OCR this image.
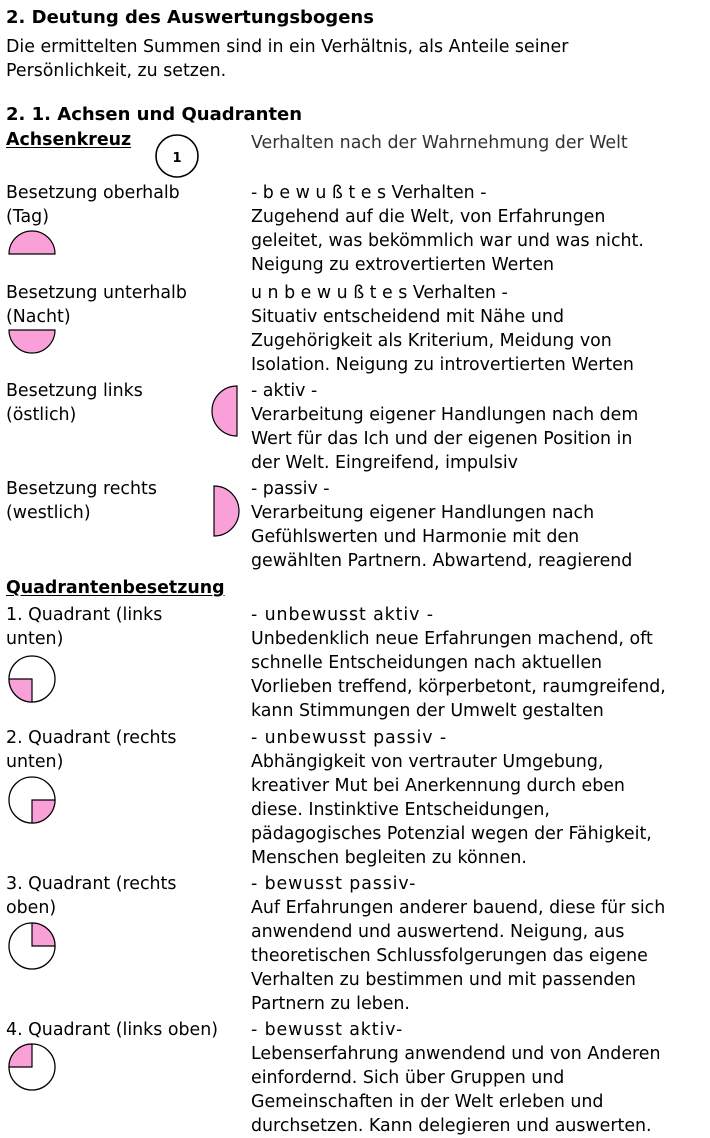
2. Deutung des Auswertungsbogens
Die ermittelten Summen sind in ein Verhältnis, als Anteile seiner
Persönlichkeit, zu setzen.
2. 1. Achsen und Quadranten
Achsenkreuz
1
Verhalten nach der Wahrnehmung der Welt
Besetzung oberhalb
(Tag)
- b e w u ß t e s Verhalten -
Zugehend auf die Welt, von Erfahrungen
geleitet, was bekömmlich war und was nicht.
Neigung zu extrovertierten Werten
Besetzung unterhalb
(Nacht)
u n b e w u ß t e s Verhalten -
Situativ entscheidend mit Nähe und
Zugehörigkeit als Kriterium, Meidung von
Isolation. Neigung zu introvertierten Werten
Besetzung links
(östlich)
- aktiv -
Verarbeitung eigener Handlungen nach dem
Wert für das Ich und der eigenen Position in
der Welt. Eingreifend, impulsiv
Besetzung rechts
(westlich)
- passiv -
Verarbeitung eigener Handlungen nach
Gefühlswerten und Harmonie mit den
gewählten Partnern. Abwartend, reagierend
Quadrantenbesetzung
1. Quadrant (links
unten)
- unbewusst aktiv -
Unbedenklich neue Erfahrungen machend, oft
schnelle Entscheidungen nach aktuellen
Vorlieben treffend, körperbetont, raumgreifend,
kann Stimmungen der Umwelt gestalten
2. Quadrant (rechts
unten)
- unbewusst passiv -
Abhängigkeit von vertrauter Umgebung,
kreativer Mut bei Anerkennung durch eben
diese. Instinktive Entscheidungen,
pädagogisches Potenzial wegen der Fähigkeit,
Menschen begleiten zu können.
3. Quadrant (rechts
oben)
- bewusst passiv-
Auf Erfahrungen anderer bauend, diese für sich
anwendend und auswertend. Neigung, aus
theoretischen Schlussfolgerungen das eigene
Verhalten zu bestimmen und mit passenden
Partnern zu leben.
4. Quadrant (links oben) - bewusst aktiv-
Lebenserfahrung anwendend und von Anderen
einfordernd. Sich über Gruppen und
Gemeinschaften in der Welt erleben und
durchsetzen. Kann delegieren und auswerten.
